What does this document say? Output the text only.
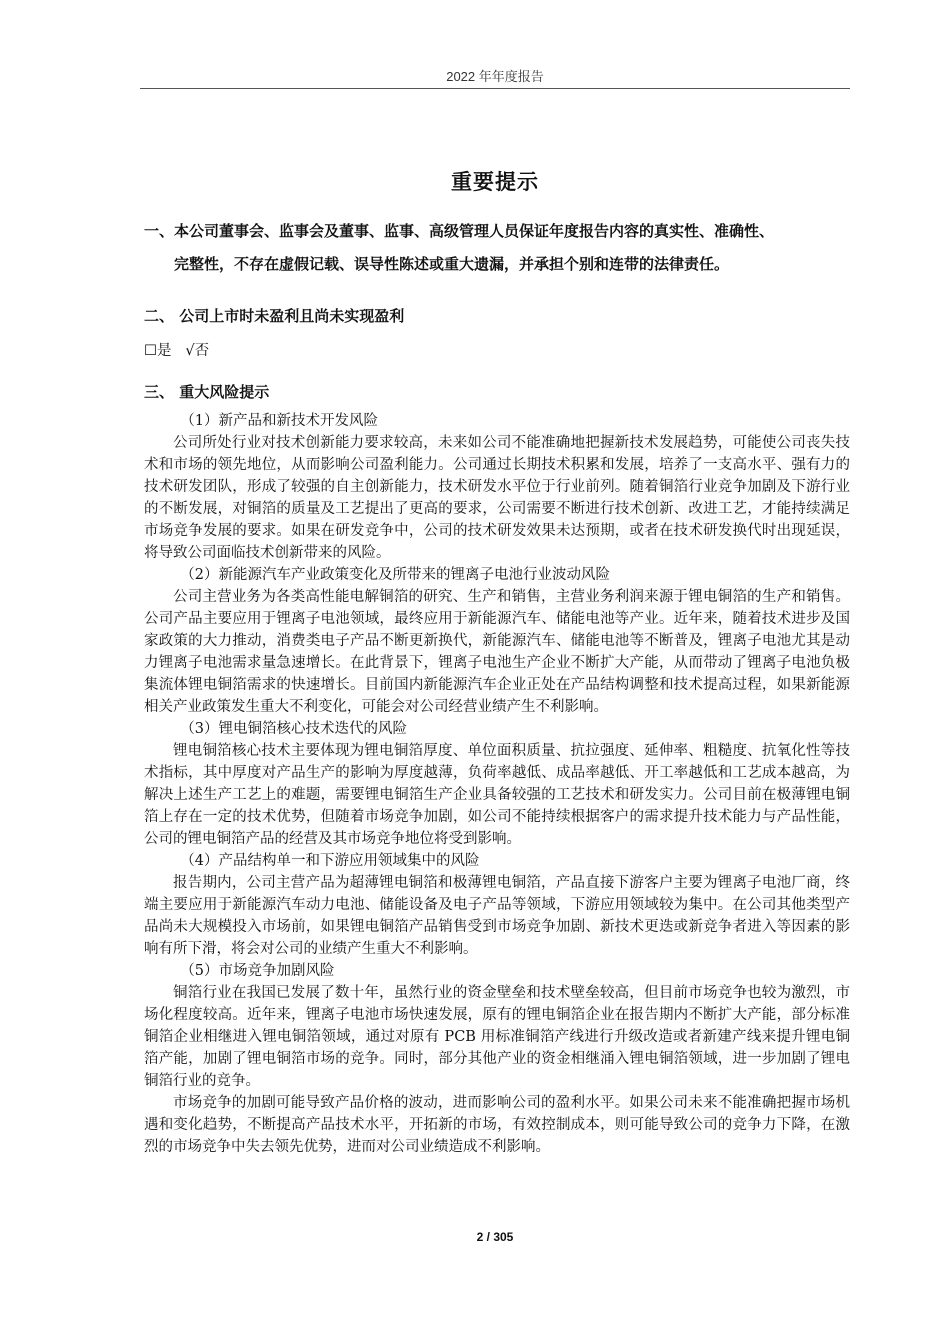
2022 年年度报告
重要提示
一、本公司董事会、监事会及董事、监事、高级管理人员保证年度报告内容的真实性、准确性、
完整性，不存在虚假记载、误导性陈述或重大遗漏，并承担个别和连带的法律责任。
二、 公司上市时未盈利且尚未实现盈利
☐是 √否
三、 重大风险提示

（1）新产品和新技术开发风险

公司所处行业对技术创新能力要求较高，未来如公司不能准确地把握新技术发展趋势，可能使公司丧失技术和市场的领先地位，从而影响公司盈利能力。公司通过长期技术积累和发展，培养了一支高水平、强有力的技术研发团队，形成了较强的自主创新能力，技术研发水平位于行业前列。随着铜箔行业竞争加剧及下游行业的不断发展，对铜箔的质量及工艺提出了更高的要求，公司需要不断进行技术创新、改进工艺，才能持续满足市场竞争发展的要求。如果在研发竞争中，公司的技术研发效果未达预期，或者在技术研发换代时出现延误，将导致公司面临技术创新带来的风险。

（2）新能源汽车产业政策变化及所带来的锂离子电池行业波动风险

公司主营业务为各类高性能电解铜箔的研究、生产和销售，主营业务利润来源于锂电铜箔的生产和销售。公司产品主要应用于锂离子电池领域，最终应用于新能源汽车、储能电池等产业。近年来，随着技术进步及国家政策的大力推动，消费类电子产品不断更新换代，新能源汽车、储能电池等不断普及，锂离子电池尤其是动力锂离子电池需求量急速增长。在此背景下，锂离子电池生产企业不断扩大产能，从而带动了锂离子电池负极集流体锂电铜箔需求的快速增长。目前国内新能源汽车企业正处在产品结构调整和技术提高过程，如果新能源相关产业政策发生重大不利变化，可能会对公司经营业绩产生不利影响。

（3）锂电铜箔核心技术迭代的风险

锂电铜箔核心技术主要体现为锂电铜箔厚度、单位面积质量、抗拉强度、延伸率、粗糙度、抗氧化性等技术指标，其中厚度对产品生产的影响为厚度越薄，负荷率越低、成品率越低、开工率越低和工艺成本越高，为解决上述生产工艺上的难题，需要锂电铜箔生产企业具备较强的工艺技术和研发实力。公司目前在极薄锂电铜箔上存在一定的技术优势，但随着市场竞争加剧，如公司不能持续根据客户的需求提升技术能力与产品性能，公司的锂电铜箔产品的经营及其市场竞争地位将受到影响。

（4）产品结构单一和下游应用领域集中的风险

报告期内，公司主营产品为超薄锂电铜箔和极薄锂电铜箔，产品直接下游客户主要为锂离子电池厂商，终端主要应用于新能源汽车动力电池、储能设备及电子产品等领域，下游应用领域较为集中。在公司其他类型产品尚未大规模投入市场前，如果锂电铜箔产品销售受到市场竞争加剧、新技术更迭或新竞争者进入等因素的影响有所下滑，将会对公司的业绩产生重大不利影响。

（5）市场竞争加剧风险

铜箔行业在我国已发展了数十年，虽然行业的资金壁垒和技术壁垒较高，但目前市场竞争也较为激烈，市场化程度较高。近年来，锂离子电池市场快速发展，原有的锂电铜箔企业在报告期内不断扩大产能，部分标准铜箔企业相继进入锂电铜箔领域，通过对原有 PCB 用标准铜箔产线进行升级改造或者新建产线来提升锂电铜箔产能，加剧了锂电铜箔市场的竞争。同时，部分其他产业的资金相继涌入锂电铜箔领域，进一步加剧了锂电铜箔行业的竞争。

市场竞争的加剧可能导致产品价格的波动，进而影响公司的盈利水平。如果公司未来不能准确把握市场机遇和变化趋势，不断提高产品技术水平，开拓新的市场，有效控制成本，则可能导致公司的竞争力下降，在激烈的市场竞争中失去领先优势，进而对公司业绩造成不利影响。

2 / 305
